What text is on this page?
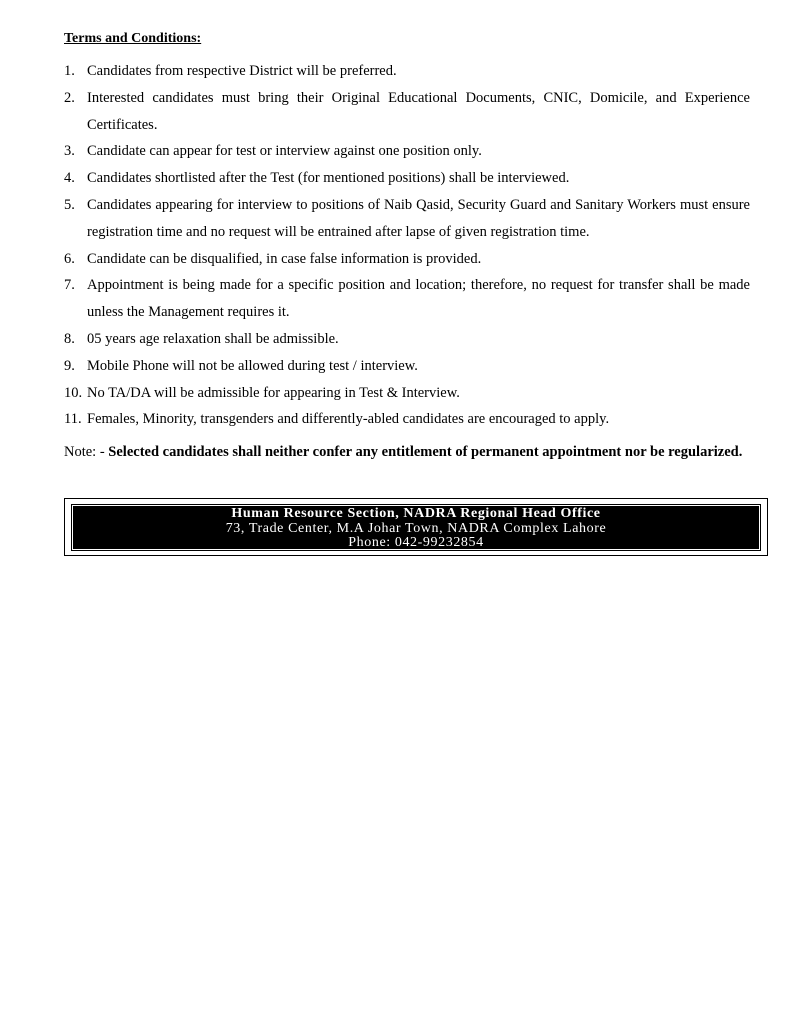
Terms and Conditions:
1. Candidates from respective District will be preferred.
2. Interested candidates must bring their Original Educational Documents, CNIC, Domicile, and Experience Certificates.
3. Candidate can appear for test or interview against one position only.
4. Candidates shortlisted after the Test (for mentioned positions) shall be interviewed.
5. Candidates appearing for interview to positions of Naib Qasid, Security Guard and Sanitary Workers must ensure registration time and no request will be entrained after lapse of given registration time.
6. Candidate can be disqualified, in case false information is provided.
7. Appointment is being made for a specific position and location; therefore, no request for transfer shall be made unless the Management requires it.
8. 05 years age relaxation shall be admissible.
9. Mobile Phone will not be allowed during test / interview.
10. No TA/DA will be admissible for appearing in Test & Interview.
11. Females, Minority, transgenders and differently-abled candidates are encouraged to apply.
Note: - Selected candidates shall neither confer any entitlement of permanent appointment nor be regularized.
Human Resource Section, NADRA Regional Head Office
73, Trade Center, M.A Johar Town, NADRA Complex Lahore
Phone: 042-99232854
